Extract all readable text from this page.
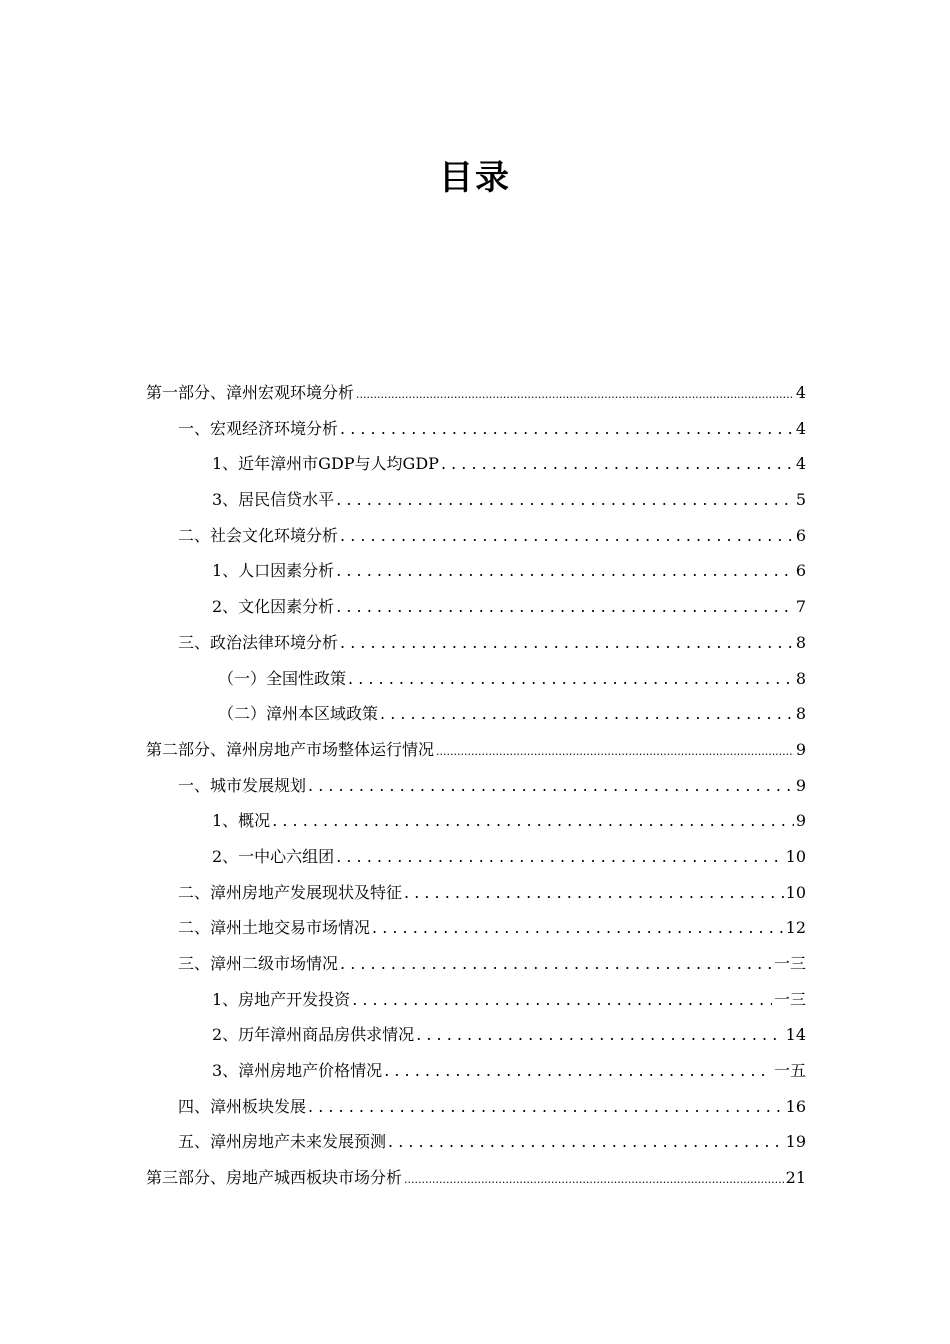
目录
第一部分、漳州宏观环境分析 .....	4
一、宏观经济环境分析 . . .	4
1、近年漳州市GDP与人均GDP . . .	4
3、居民信贷水平 . . .	5
二、社会文化环境分析 . . .	6
1、人口因素分析 . . .	6
2、文化因素分析 . . .	7
三、政治法律环境分析 . . .	8
（一）全国性政策 . . .	8
（二）漳州本区域政策 . . .	8
第二部分、漳州房地产市场整体运行情况 .....	9
一、城市发展规划 . . .	9
1、概况 . . .	9
2、一中心六组团 . . .	10
二、漳州房地产发展现状及特征 . . .	10
二、漳州土地交易市场情况 . . .	12
三、漳州二级市场情况 . . .	一三
1、房地产开发投资 . . .	一三
2、历年漳州商品房供求情况 . . .	14
3、漳州房地产价格情况 . . .	一五
四、漳州板块发展 . . .	16
五、漳州房地产未来发展预测 . . .	19
第三部分、房地产城西板块市场分析 .....	21
